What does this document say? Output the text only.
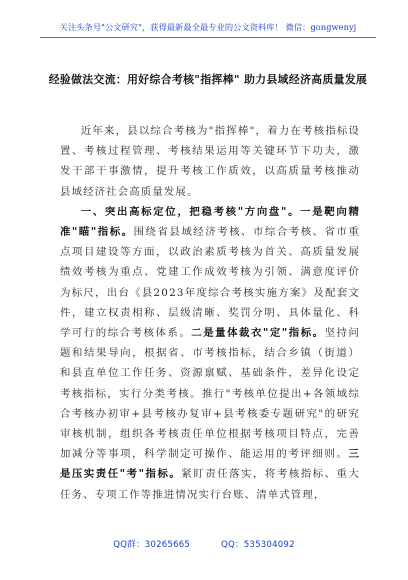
关注头条号"公文研究"，获得最新最全最专业的公文资料库！ 微信：gongwenyj
经验做法交流：用好综合考核"指挥棒" 助力县域经济高质量发展

近年来，县以综合考核为"指挥棒"，着力在考核指标设置、考核过程管理、考核结果运用等关键环节下功夫，激发干部干事激情，提升考核工作质效，以高质量考核推动县域经济社会高质量发展。

一、突出高标定位，把稳考核"方向盘"。一是靶向精准"瞄"指标。围绕省县域经济考核、市综合考核、省市重点项目建设等方面，以政治素质考核为首关、高质量发展绩效考核为重点、党建工作成效考核为引领、满意度评价为标尺，出台《县2023年度综合考核实施方案》及配套文件，建立权责相称、层级清晰、奖罚分明、具体量化、科学可行的综合考核体系。二是量体裁衣"定"指标。坚持问题和结果导向，根据省、市考核指标，结合乡镇（街道）和县直单位工作任务、资源禀赋、基础条件，差异化设定考核指标，实行分类考核。推行"考核单位提出+各领域综合考核办初审+县考核办复审+县考核委专题研究"的研究审核机制，组织各考核责任单位根据考核项目特点，完善加减分等事项，科学制定可操作、能运用的考评细则。三是压实责任"考"指标。紧盯责任落实，将考核指标、重大任务、专项工作等推进情况实行台账、清单式管理，

QQ群：30265665	QQ：535304092
